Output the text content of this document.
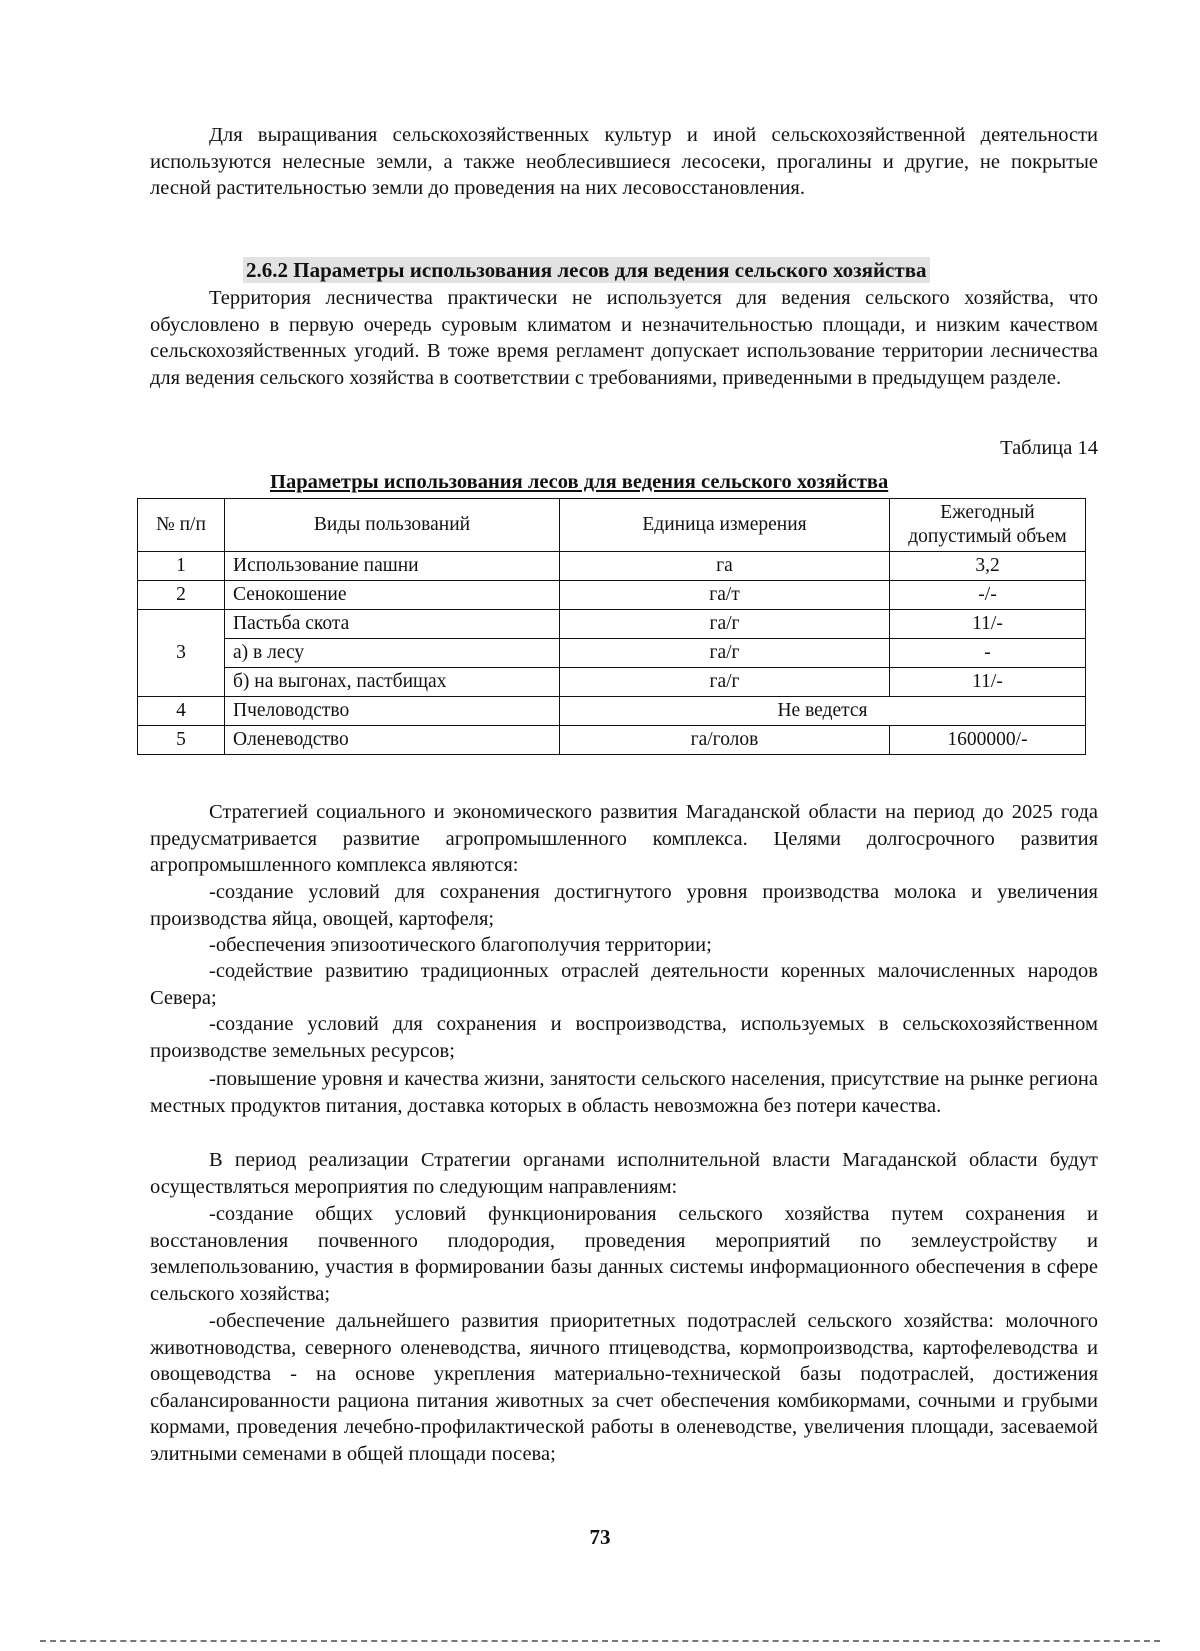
Для выращивания сельскохозяйственных культур и иной сельскохозяйственной деятельности используются нелесные земли, а также необлесившиеся лесосеки, прогалины и другие, не покрытые лесной растительностью земли до проведения на них лесовосстановления.

2.6.2 Параметры использования лесов для ведения сельского хозяйства

Территория лесничества практически не используется для ведения сельского хозяйства, что обусловлено в первую очередь суровым климатом и незначительностью площади, и низким качеством сельскохозяйственных угодий. В тоже время регламент допускает использование территории лесничества для ведения сельского хозяйства в соответствии с требованиями, приведенными в предыдущем разделе.

Таблица 14
Параметры использования лесов для ведения сельского хозяйства
№ п/п	Виды пользований	Единица измерения	Ежегодный допустимый объем
1	Использование пашни	га	3,2
2	Сенокошение	га/т	-/-
3	Пастьба скота	га/г	11/-
	а) в лесу	га/г	-
	б) на выгонах, пастбищах	га/г	11/-
4	Пчеловодство	Не ведется	
5	Оленеводство	га/голов	1600000/-

Стратегией социального и экономического развития Магаданской области на период до 2025 года предусматривается развитие агропромышленного комплекса. Целями долгосрочного развития агропромышленного комплекса являются:

-создание условий для сохранения достигнутого уровня производства молока и увеличения производства яйца, овощей, картофеля;

-обеспечения эпизоотического благополучия территории;

-содействие развитию традиционных отраслей деятельности коренных малочисленных народов Севера;

-создание условий для сохранения и воспроизводства, используемых в сельскохозяйственном производстве земельных ресурсов;

-повышение уровня и качества жизни, занятости сельского населения, присутствие на рынке региона местных продуктов питания, доставка которых в область невозможна без потери качества.

В период реализации Стратегии органами исполнительной власти Магаданской области будут осуществляться мероприятия по следующим направлениям:

-создание общих условий функционирования сельского хозяйства путем сохранения и восстановления почвенного плодородия, проведения мероприятий по землеустройству и землепользованию, участия в формировании базы данных системы информационного обеспечения в сфере сельского хозяйства;

-обеспечение дальнейшего развития приоритетных подотраслей сельского хозяйства: молочного животноводства, северного оленеводства, яичного птицеводства, кормопроизводства, картофелеводства и овощеводства - на основе укрепления материально-технической базы подотраслей, достижения сбалансированности рациона питания животных за счет обеспечения комбикормами, сочными и грубыми кормами, проведения лечебно-профилактической работы в оленеводстве, увеличения площади, засеваемой элитными семенами в общей площади посева;

73
